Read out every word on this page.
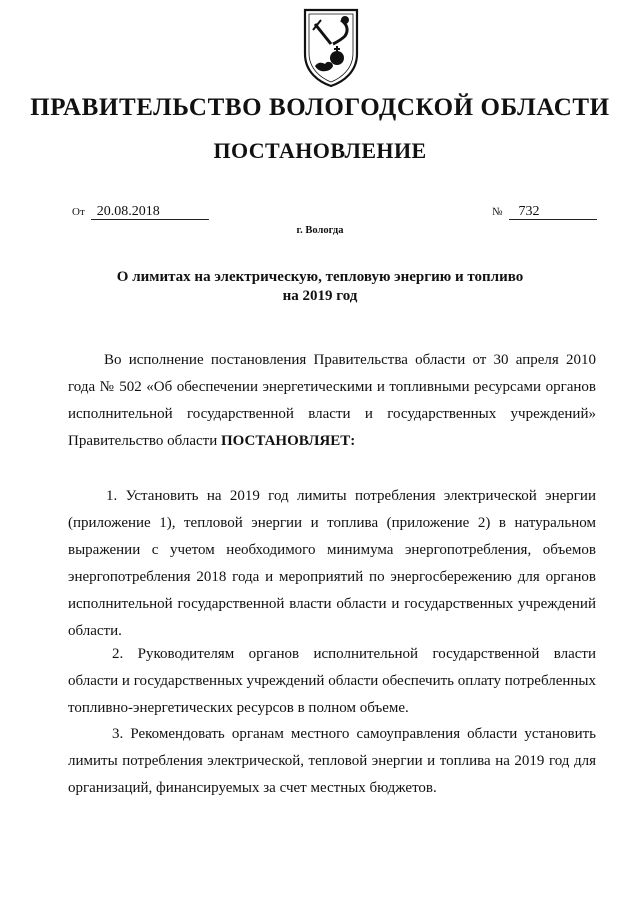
ПРАВИТЕЛЬСТВО ВОЛОГОДСКОЙ ОБЛАСТИ
ПОСТАНОВЛЕНИЕ
От 20.08.2018	№ 732
г. Вологда
О лимитах на электрическую, тепловую энергию и топливо
на 2019 год
Во исполнение постановления Правительства области от 30 апреля 2010 года № 502 «Об обеспечении энергетическими и топливными ресурсами органов исполнительной государственной власти и государственных учреждений» Правительство области ПОСТАНОВЛЯЕТ:
1. Установить на 2019 год лимиты потребления электрической энергии (приложение 1), тепловой энергии и топлива (приложение 2) в натуральном выражении с учетом необходимого минимума энергопотребления, объемов энергопотребления 2018 года и мероприятий по энергосбережению для органов исполнительной государственной власти области и государственных учреждений области.
2. Руководителям органов исполнительной государственной власти области и государственных учреждений области обеспечить оплату потребленных топливно-энергетических ресурсов в полном объеме.
3. Рекомендовать органам местного самоуправления области установить лимиты потребления электрической, тепловой энергии и топлива на 2019 год для организаций, финансируемых за счет местных бюджетов.
